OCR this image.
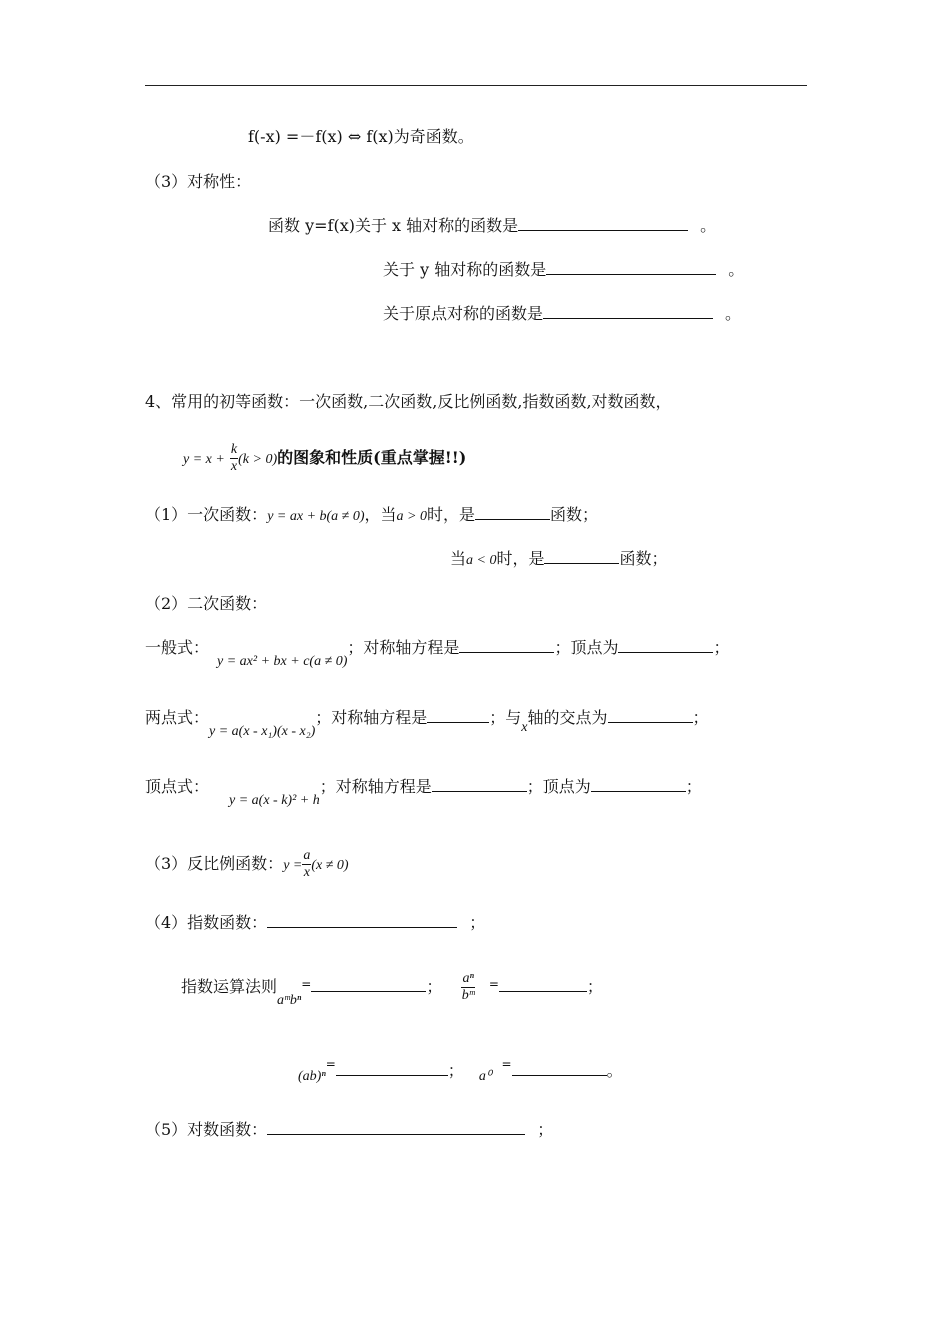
f(-x) =－f(x) ⇔ f(x)为奇函数。
（3）对称性：
函数 y=f(x)关于 x 轴对称的函数是	。
关于 y 轴对称的函数是	。
关于原点对称的函数是	。
4、常用的初等函数：一次函数,二次函数,反比例函数,指数函数,对数函数，
$y = x + \frac{k}{x} (k > 0)$的图象和性质(重点掌握!!)
（1）一次函数：y = ax + b(a ≠ 0)，当a > 0时，是	函数；
当a < 0时，是	函数；
（2）二次函数：
一般式：y = ax² + bx + c(a ≠ 0)；对称轴方程是	；顶点为	；
两点式：y = a(x - x₁)(x - x₂)；对称轴方程是	；与x轴的交点为	；
顶点式：y = a(x - k)² + h；对称轴方程是	；顶点为	；
（3）反比例函数：$y = \frac{a}{x} (x \ne 0)$
（4）指数函数：	；
指数运算法则aᵐbⁿ=	； $\frac{\text{aⁿ}}{\text{bᵐ}} ^=$	；
(ab)ⁿ=	； a⁰=	。
（5）对数函数：	；
